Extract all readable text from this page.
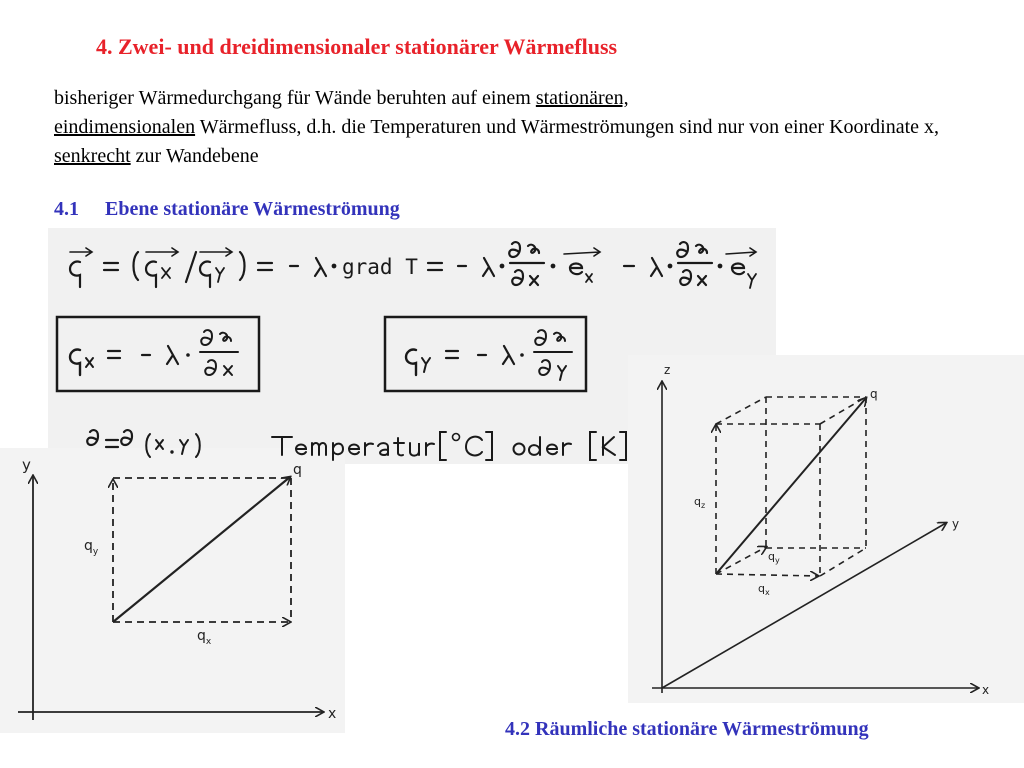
4. Zwei- und dreidimensionaler stationärer Wärmefluss
bisheriger Wärmedurchgang für Wände beruhten auf einem stationären,
eindimensionalen Wärmefluss, d.h. die Temperaturen und Wärmeströmungen sind nur von einer Koordinate x, senkrecht zur Wandebene
4.1 Ebene stationäre Wärmeströmung
grad T
y
x
q
$q_y$
$q_x$
z
y
x
q
$q_z$
$q_y$
$q_x$
4.2 Räumliche stationäre Wärmeströmung
